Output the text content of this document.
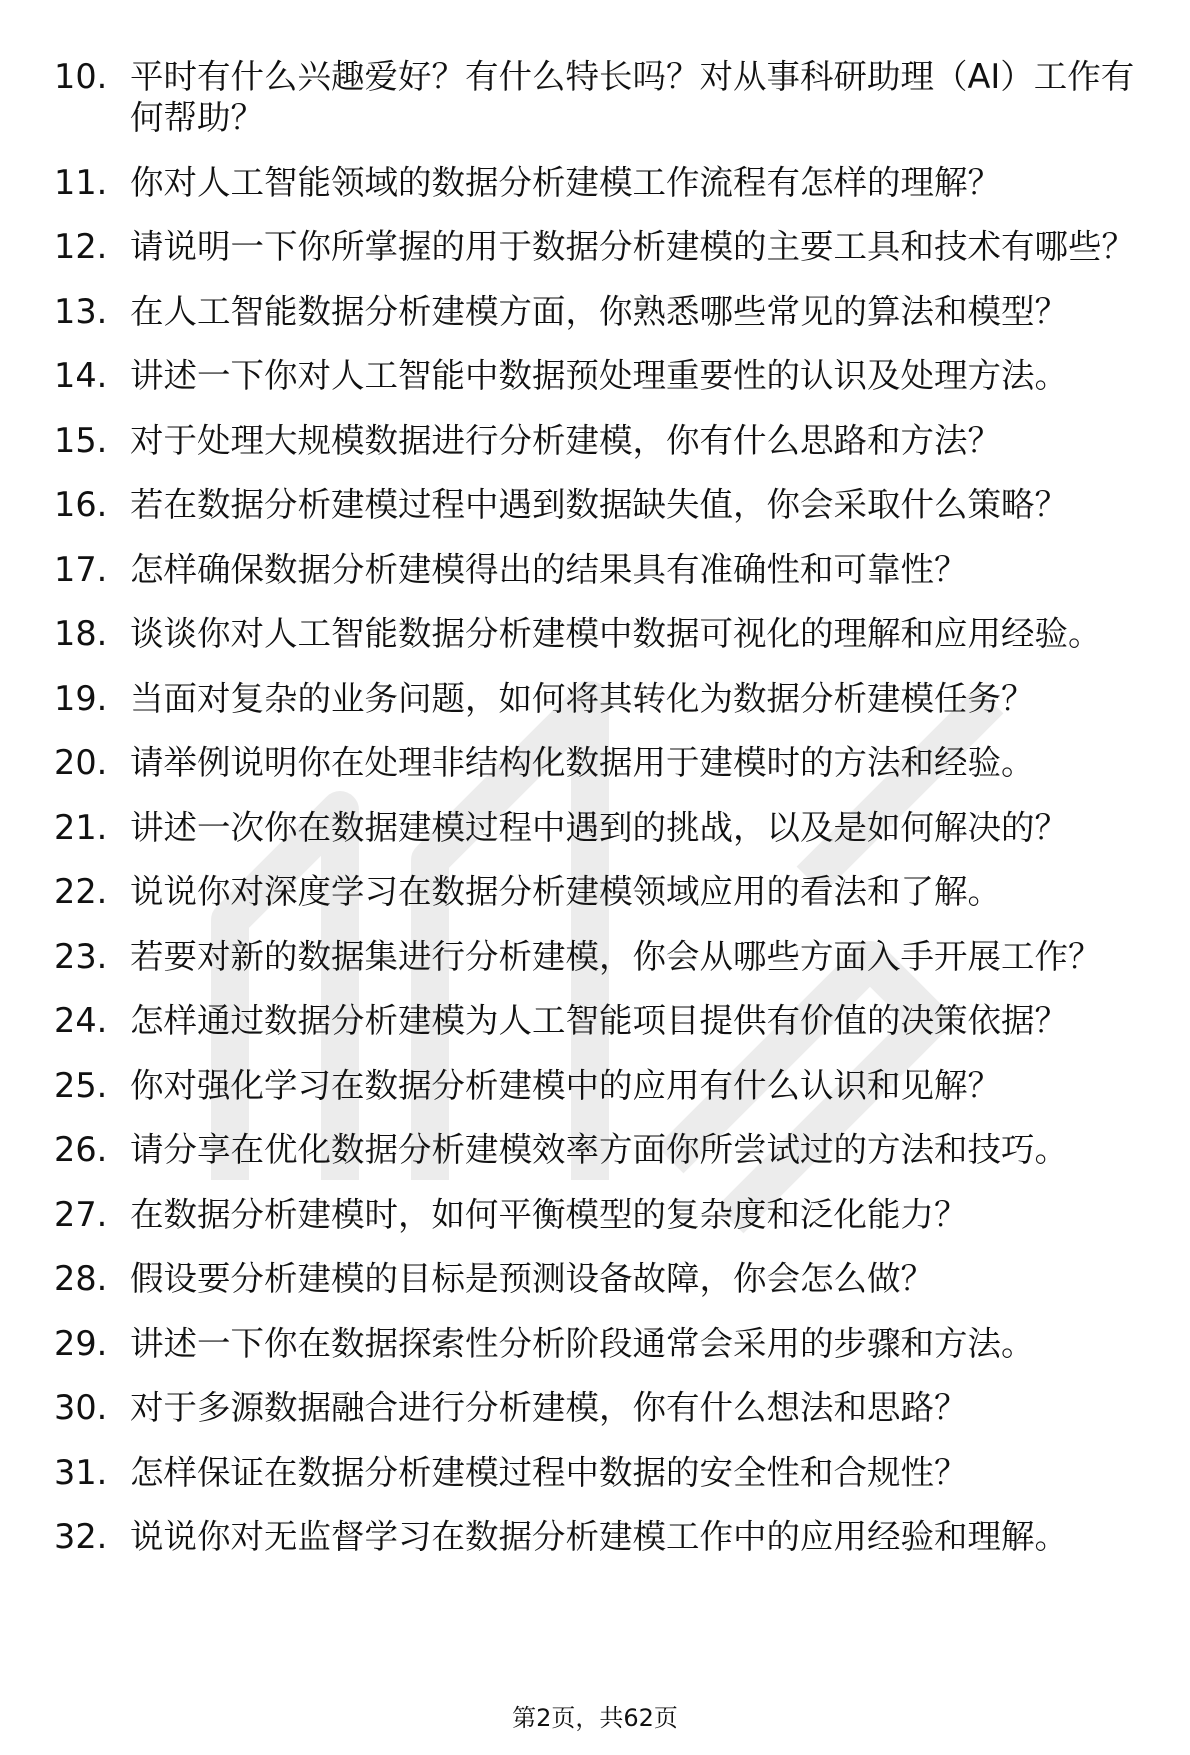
10. 平时有什么兴趣爱好？有什么特长吗？对从事科研助理（AI）工作有何帮助？
11. 你对人工智能领域的数据分析建模工作流程有怎样的理解？
12. 请说明一下你所掌握的用于数据分析建模的主要工具和技术有哪些？
13. 在人工智能数据分析建模方面，你熟悉哪些常见的算法和模型？
14. 讲述一下你对人工智能中数据预处理重要性的认识及处理方法。
15. 对于处理大规模数据进行分析建模，你有什么思路和方法？
16. 若在数据分析建模过程中遇到数据缺失值，你会采取什么策略？
17. 怎样确保数据分析建模得出的结果具有准确性和可靠性？
18. 谈谈你对人工智能数据分析建模中数据可视化的理解和应用经验。
19. 当面对复杂的业务问题，如何将其转化为数据分析建模任务？
20. 请举例说明你在处理非结构化数据用于建模时的方法和经验。
21. 讲述一次你在数据建模过程中遇到的挑战，以及是如何解决的？
22. 说说你对深度学习在数据分析建模领域应用的看法和了解。
23. 若要对新的数据集进行分析建模，你会从哪些方面入手开展工作？
24. 怎样通过数据分析建模为人工智能项目提供有价值的决策依据？
25. 你对强化学习在数据分析建模中的应用有什么认识和见解？
26. 请分享在优化数据分析建模效率方面你所尝试过的方法和技巧。
27. 在数据分析建模时，如何平衡模型的复杂度和泛化能力？
28. 假设要分析建模的目标是预测设备故障，你会怎么做？
29. 讲述一下你在数据探索性分析阶段通常会采用的步骤和方法。
30. 对于多源数据融合进行分析建模，你有什么想法和思路？
31. 怎样保证在数据分析建模过程中数据的安全性和合规性？
32. 说说你对无监督学习在数据分析建模工作中的应用经验和理解。
第2页，共62页
